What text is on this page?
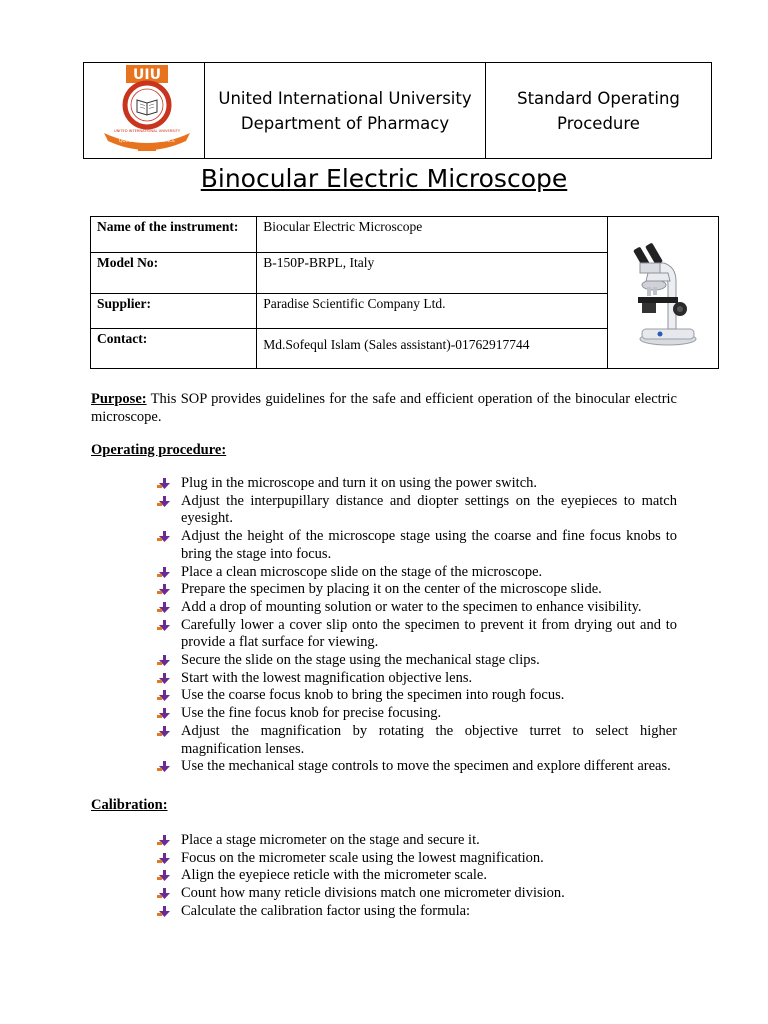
UIU
QUEST FOR EXCELLENCE
UNITED INTERNATIONAL UNIVERSITY

United International University
Department of Pharmacy

Standard Operating
Procedure
Binocular Electric Microscope
Name of the instrument:	Biocular Electric Microscope	
Model No:	B-150P-BRPL, Italy	
Supplier:	Paradise Scientific Company Ltd.	
Contact:	Md.Sofequl Islam (Sales assistant)-01762917744	
Purpose: This SOP provides guidelines for the safe and efficient operation of the binocular electric microscope.
Operating procedure:
Plug in the microscope and turn it on using the power switch.
Adjust the interpupillary distance and diopter settings on the eyepieces to match eyesight.
Adjust the height of the microscope stage using the coarse and fine focus knobs to bring the stage into focus.
Place a clean microscope slide on the stage of the microscope.
Prepare the specimen by placing it on the center of the microscope slide.
Add a drop of mounting solution or water to the specimen to enhance visibility.
Carefully lower a cover slip onto the specimen to prevent it from drying out and to provide a flat surface for viewing.
Secure the slide on the stage using the mechanical stage clips.
Start with the lowest magnification objective lens.
Use the coarse focus knob to bring the specimen into rough focus.
Use the fine focus knob for precise focusing.
Adjust the magnification by rotating the objective turret to select higher magnification lenses.
Use the mechanical stage controls to move the specimen and explore different areas.
Calibration:
Place a stage micrometer on the stage and secure it.
Focus on the micrometer scale using the lowest magnification.
Align the eyepiece reticle with the micrometer scale.
Count how many reticle divisions match one micrometer division.
Calculate the calibration factor using the formula:
